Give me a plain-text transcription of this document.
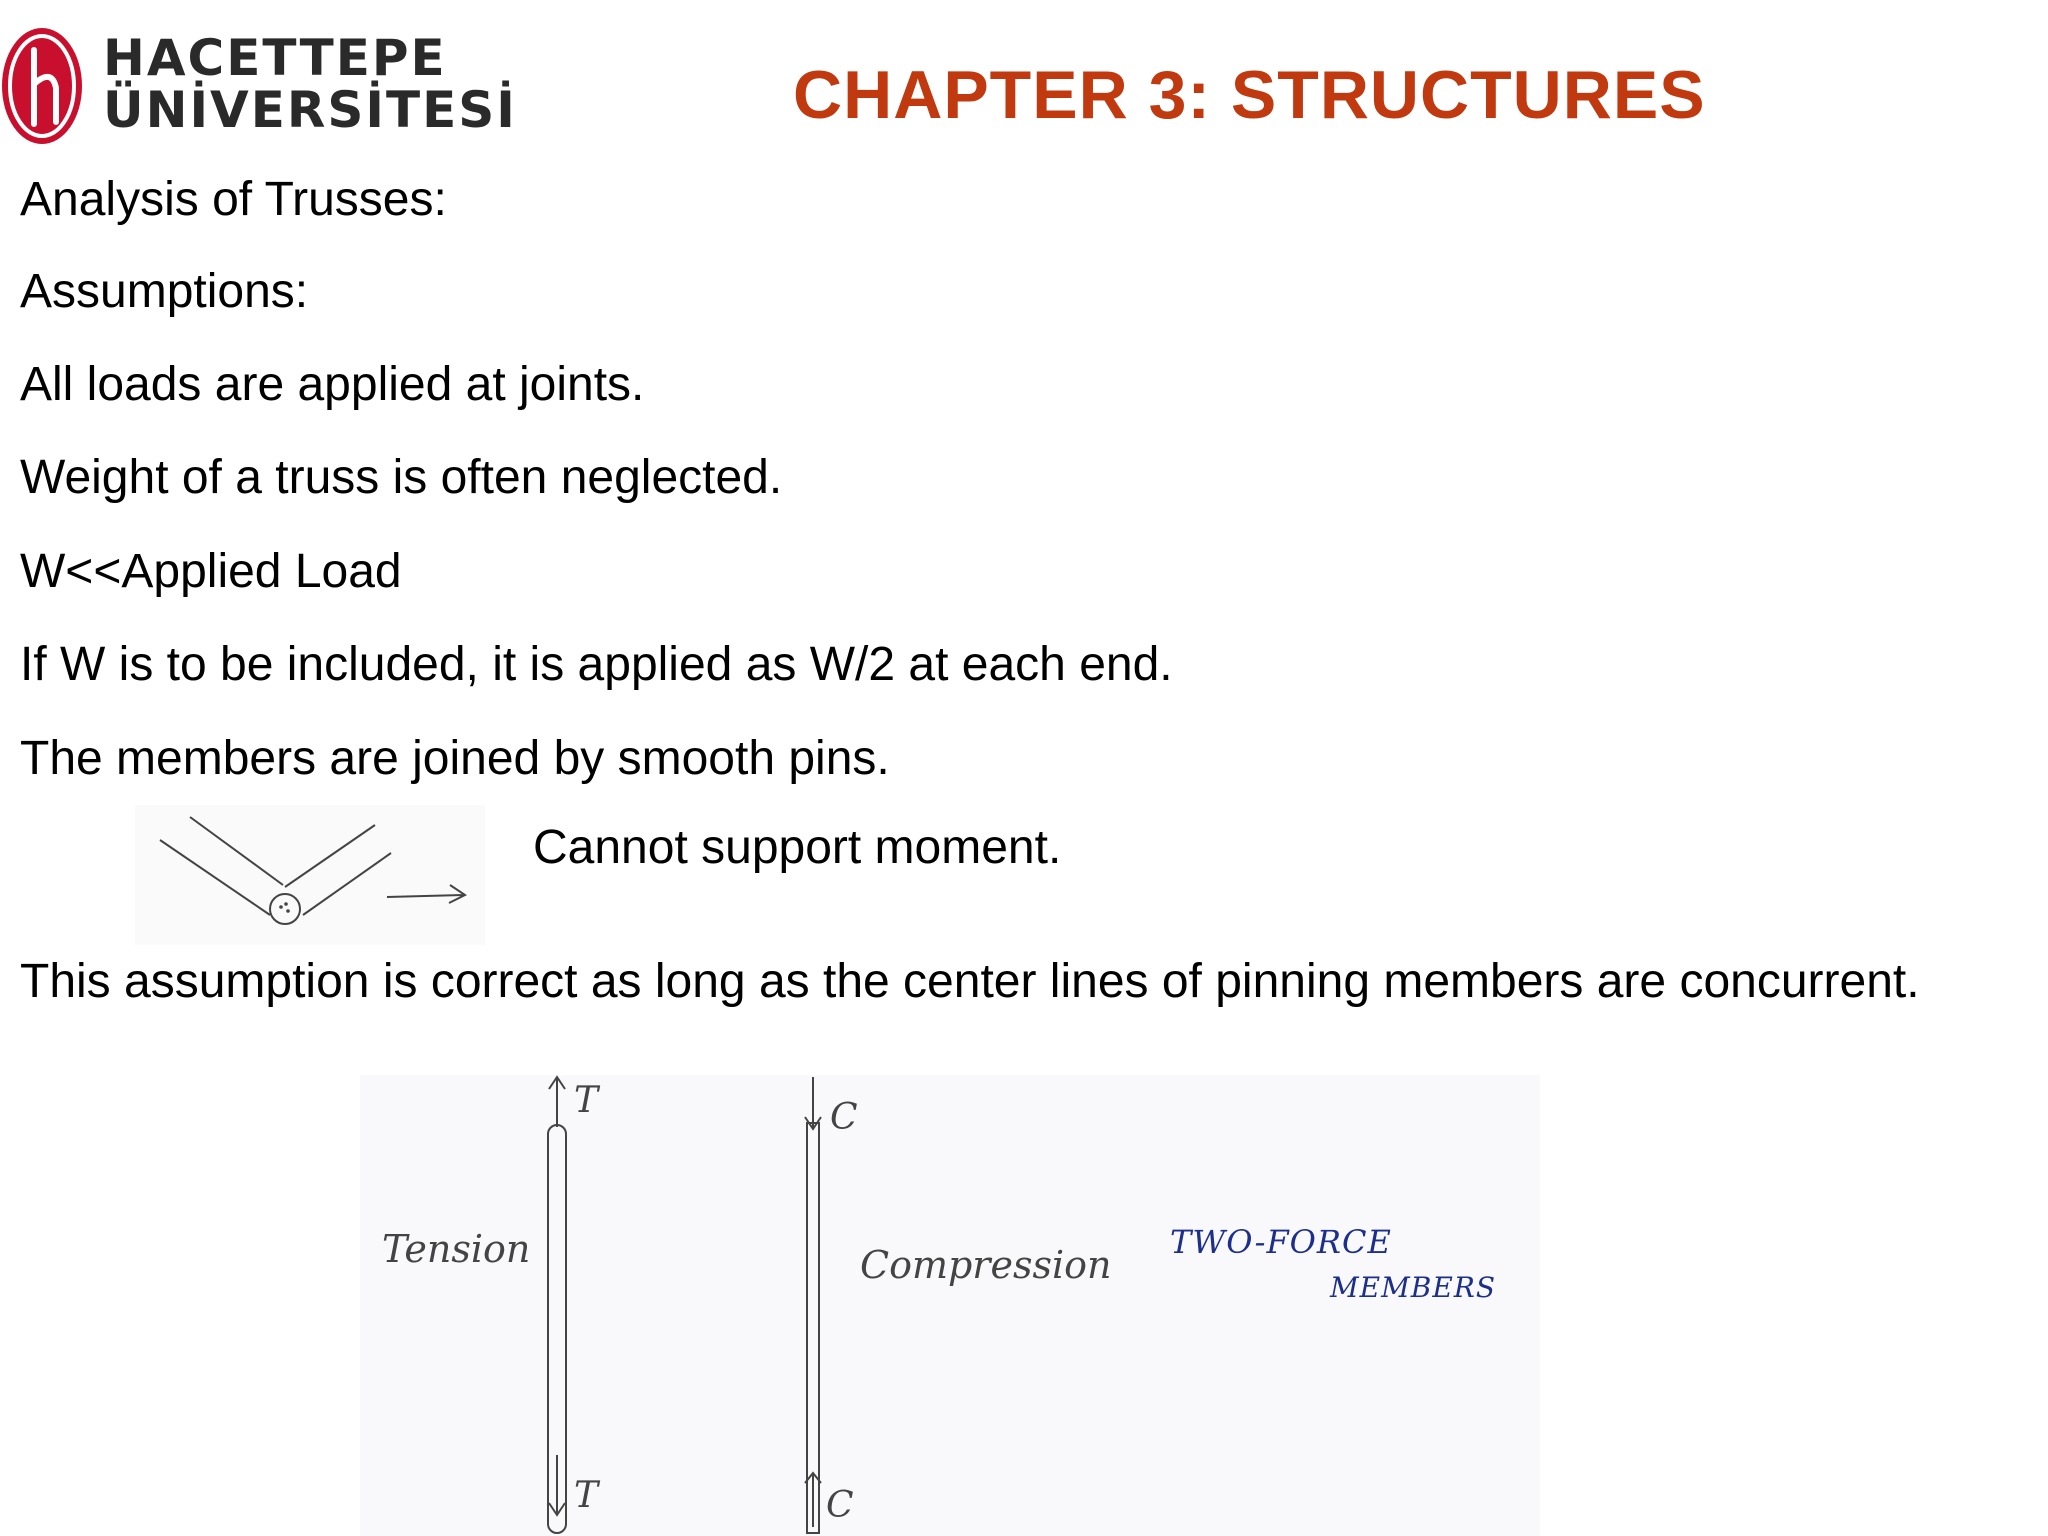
HACETTEPE
ÜNİVERSİTESİ	CHAPTER 3: STRUCTURES
Analysis of Trusses:
Assumptions:
All loads are applied at joints.
Weight of a truss is often neglected.
W<<Applied Load
If W is to be included, it is applied as W/2 at each end.
The members are joined by smooth pins.
Cannot support moment.
This assumption is correct as long as the center lines of pinning members are concurrent.
T
T
C
C
Tension	Compression
TWO-FORCE
MEMBERS
